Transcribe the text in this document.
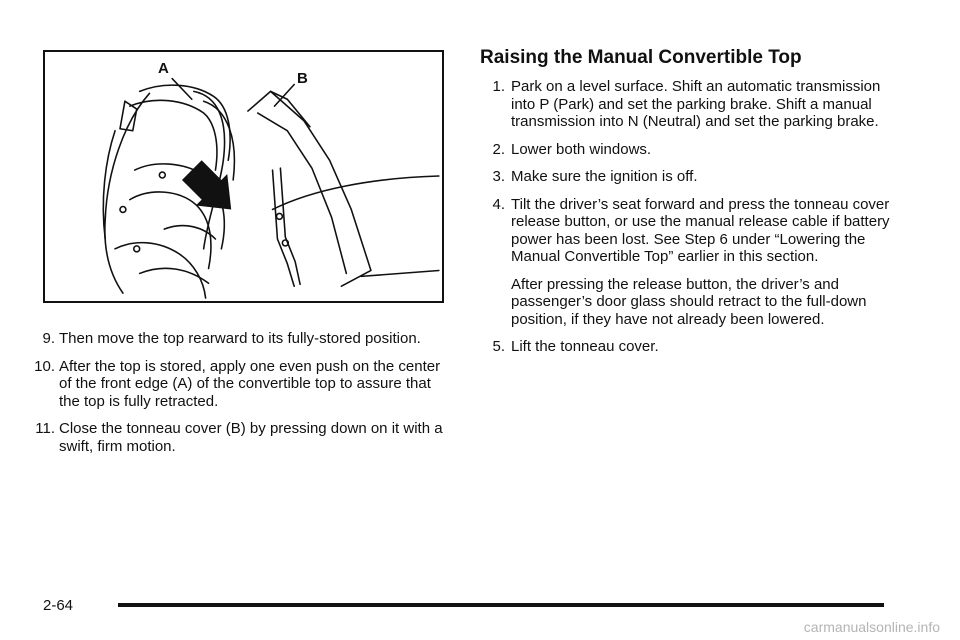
A
B
9. Then move the top rearward to its fully-stored position.
10. After the top is stored, apply one even push on the center of the front edge (A) of the convertible top to assure that the top is fully retracted.
11. Close the tonneau cover (B) by pressing down on it with a swift, firm motion.
Raising the Manual Convertible Top
1. Park on a level surface. Shift an automatic transmission into P (Park) and set the parking brake. Shift a manual transmission into N (Neutral) and set the parking brake.
2. Lower both windows.
3. Make sure the ignition is off.
4. Tilt the driver’s seat forward and press the tonneau cover release button, or use the manual release cable if battery power has been lost. See Step 6 under “Lowering the Manual Convertible Top” earlier in this section.

After pressing the release button, the driver’s and passenger’s door glass should retract to the full-down position, if they have not already been lowered.

5. Lift the tonneau cover.
2-64
carmanualsonline.info
